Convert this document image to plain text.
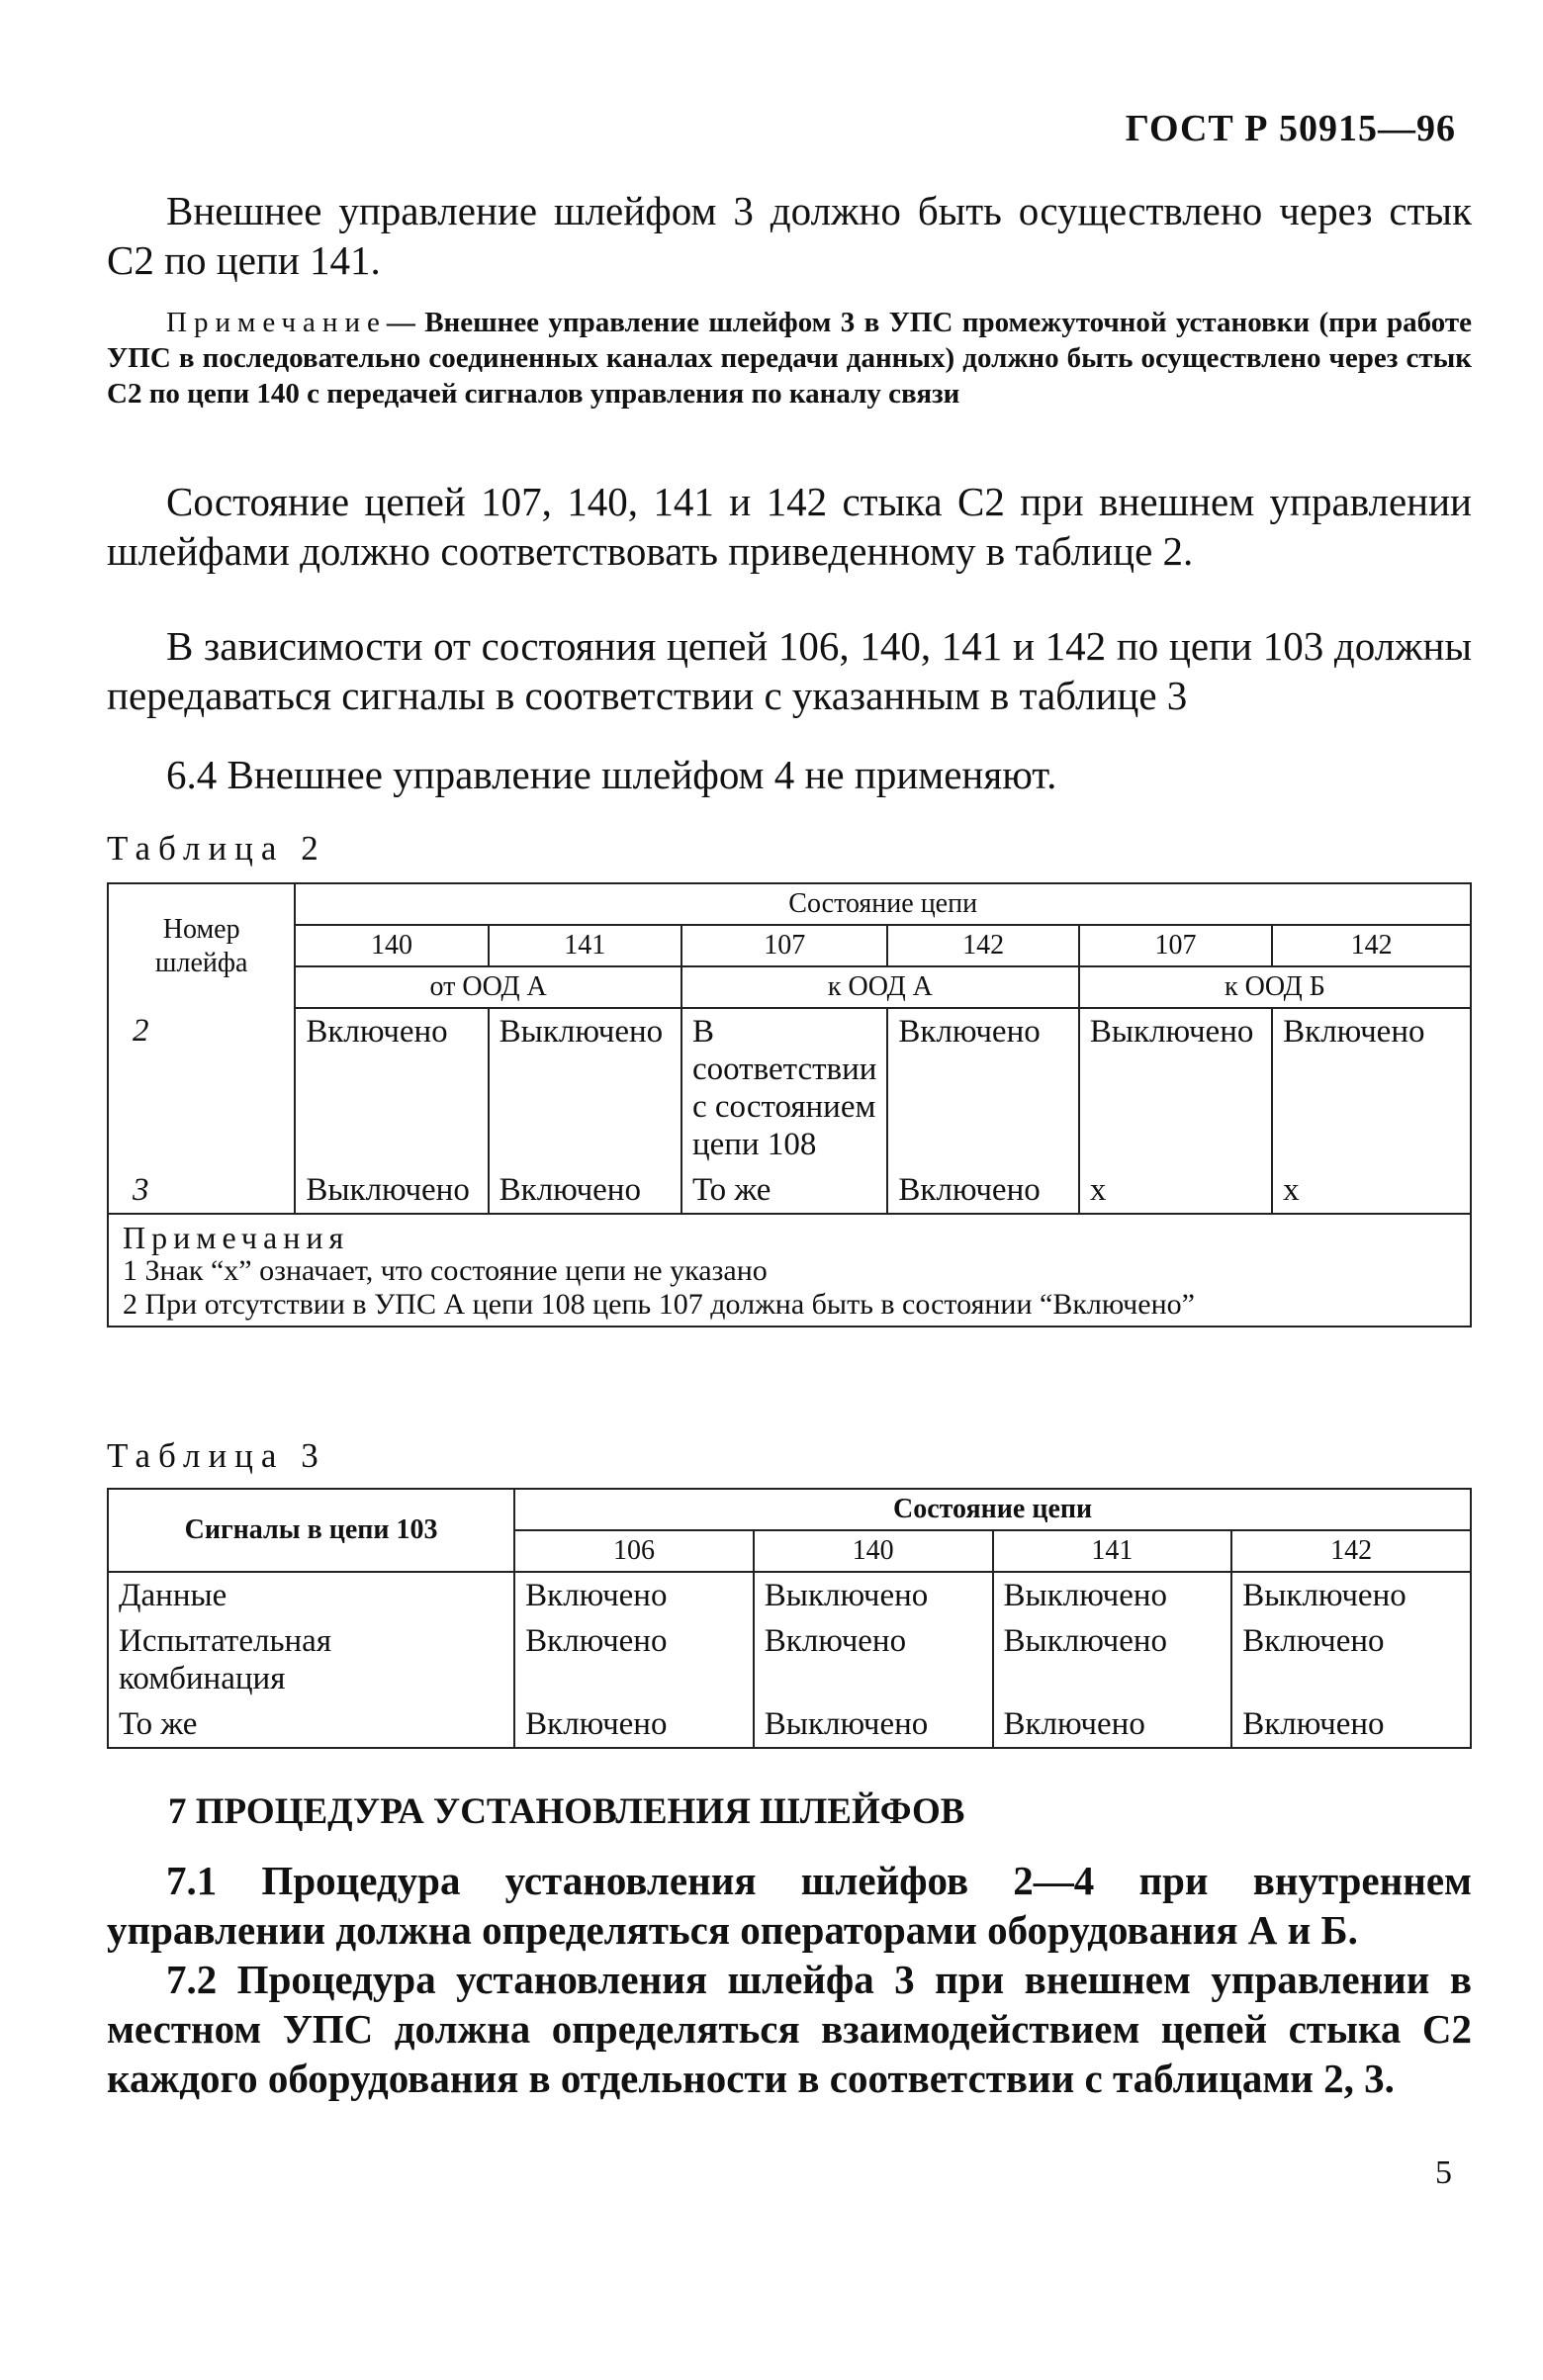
ГОСТ Р 50915—96
Внешнее управление шлейфом 3 должно быть осуществлено через стык С2 по цепи 141.
Примечание— Внешнее управление шлейфом 3 в УПС промежуточной установки (при работе УПС в последовательно соединенных каналах передачи данных) должно быть осуществлено через стык С2 по цепи 140 с передачей сигналов управления по каналу связи
Состояние цепей 107, 140, 141 и 142 стыка С2 при внешнем управлении шлейфами должно соответствовать приведенному в таблице 2.
В зависимости от состояния цепей 106, 140, 141 и 142 по цепи 103 должны передаваться сигналы в соответствии с указанным в таблице 3
6.4 Внешнее управление шлейфом 4 не применяют.
Таблица 2
Номер шлейфа	Состояние цепи					
	140	141	107	142	107	142
	от ООД А		к ООД А		к ООД Б	
2	Включено	Выключено	В соответствии с состоянием цепи 108	Включено	Выключено	Включено
3	Выключено	Включено	То же	Включено	х	х
Примечания
1 Знак “х” означает, что состояние цепи не указано
2 При отсутствии в УПС А цепи 108 цепь 107 должна быть в состоянии “Включено”
Таблица 3
Сигналы в цепи 103	Состояние цепи			
	106	140	141	142
Данные	Включено	Выключено	Выключено	Выключено
Испытательная комбинация	Включено	Включено	Выключено	Включено
То же	Включено	Выключено	Включено	Включено
7 ПРОЦЕДУРА УСТАНОВЛЕНИЯ ШЛЕЙФОВ
7.1 Процедура установления шлейфов 2—4 при внутреннем управлении должна определяться операторами оборудования А и Б.
7.2 Процедура установления шлейфа 3 при внешнем управлении в местном УПС должна определяться взаимодействием цепей стыка С2 каждого оборудования в отдельности в соответствии с таблицами 2, 3.
5
